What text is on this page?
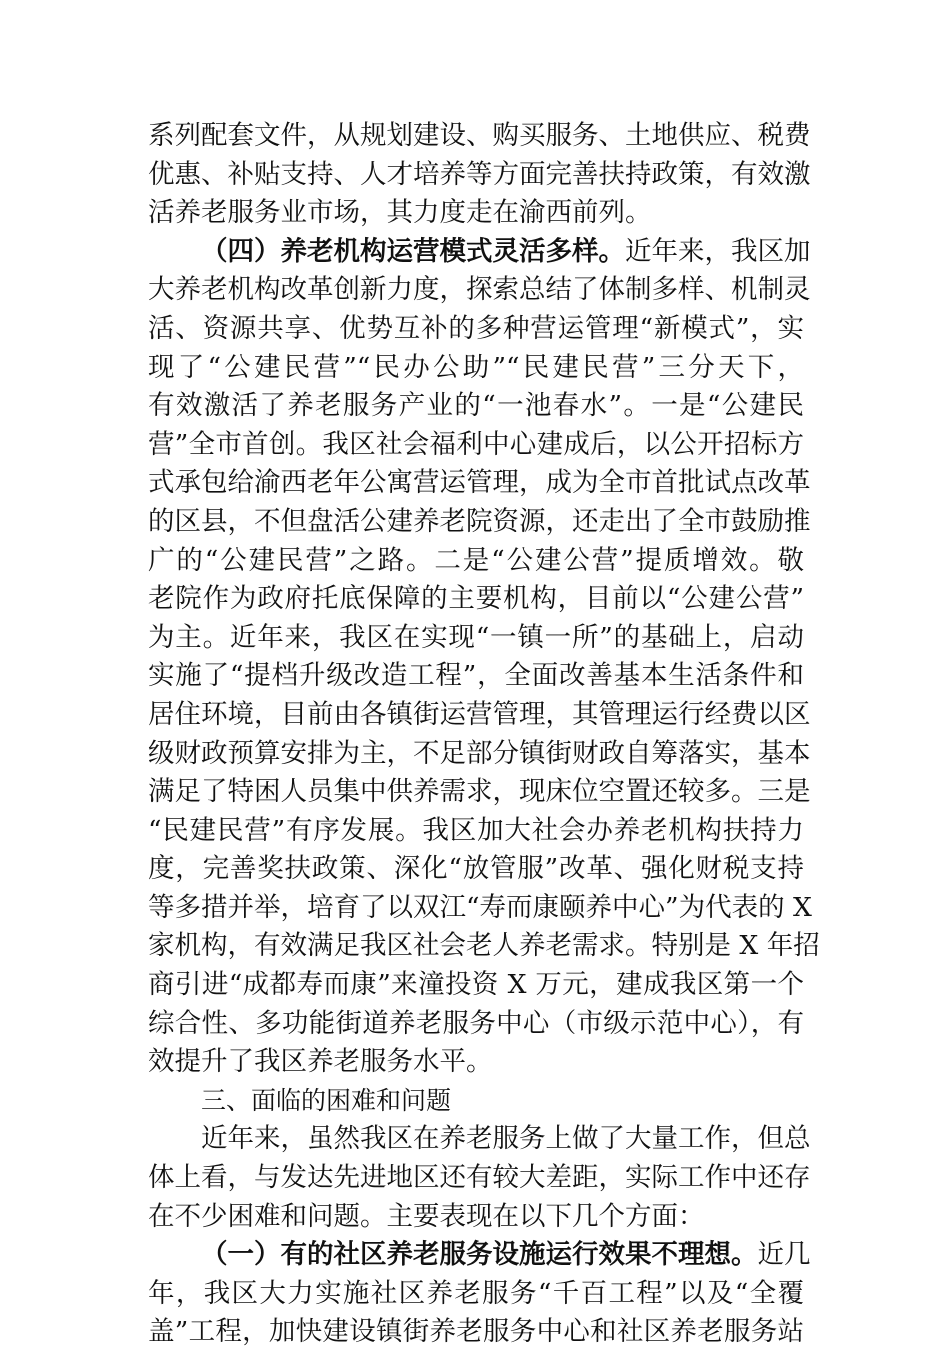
系列配套文件，从规划建设、购买服务、土地供应、税费
优惠、补贴支持、人才培养等方面完善扶持政策，有效激
活养老服务业市场，其力度走在渝西前列。
（四）养老机构运营模式灵活多样。近年来，我区加
大养老机构改革创新力度，探索总结了体制多样、机制灵
活、资源共享、优势互补的多种营运管理“新模式”，实
现了“公建民营”“民办公助”“民建民营”三分天下，
有效激活了养老服务产业的“一池春水”。一是“公建民
营”全市首创。我区社会福利中心建成后，以公开招标方
式承包给渝西老年公寓营运管理，成为全市首批试点改革
的区县，不但盘活公建养老院资源，还走出了全市鼓励推
广的“公建民营”之路。二是“公建公营”提质增效。敬
老院作为政府托底保障的主要机构，目前以“公建公营”
为主。近年来，我区在实现“一镇一所”的基础上，启动
实施了“提档升级改造工程”，全面改善基本生活条件和
居住环境，目前由各镇街运营管理，其管理运行经费以区
级财政预算安排为主，不足部分镇街财政自筹落实，基本
满足了特困人员集中供养需求，现床位空置还较多。三是
“民建民营”有序发展。我区加大社会办养老机构扶持力
度，完善奖扶政策、深化“放管服”改革、强化财税支持
等多措并举，培育了以双江“寿而康颐养中心”为代表的 X
家机构，有效满足我区社会老人养老需求。特别是 X 年招
商引进“成都寿而康”来潼投资 X 万元，建成我区第一个
综合性、多功能街道养老服务中心（市级示范中心），有
效提升了我区养老服务水平。
三、面临的困难和问题
近年来，虽然我区在养老服务上做了大量工作，但总
体上看，与发达先进地区还有较大差距，实际工作中还存
在不少困难和问题。主要表现在以下几个方面：
（一）有的社区养老服务设施运行效果不理想。近几
年，我区大力实施社区养老服务“千百工程”以及“全覆
盖”工程，加快建设镇街养老服务中心和社区养老服务站
